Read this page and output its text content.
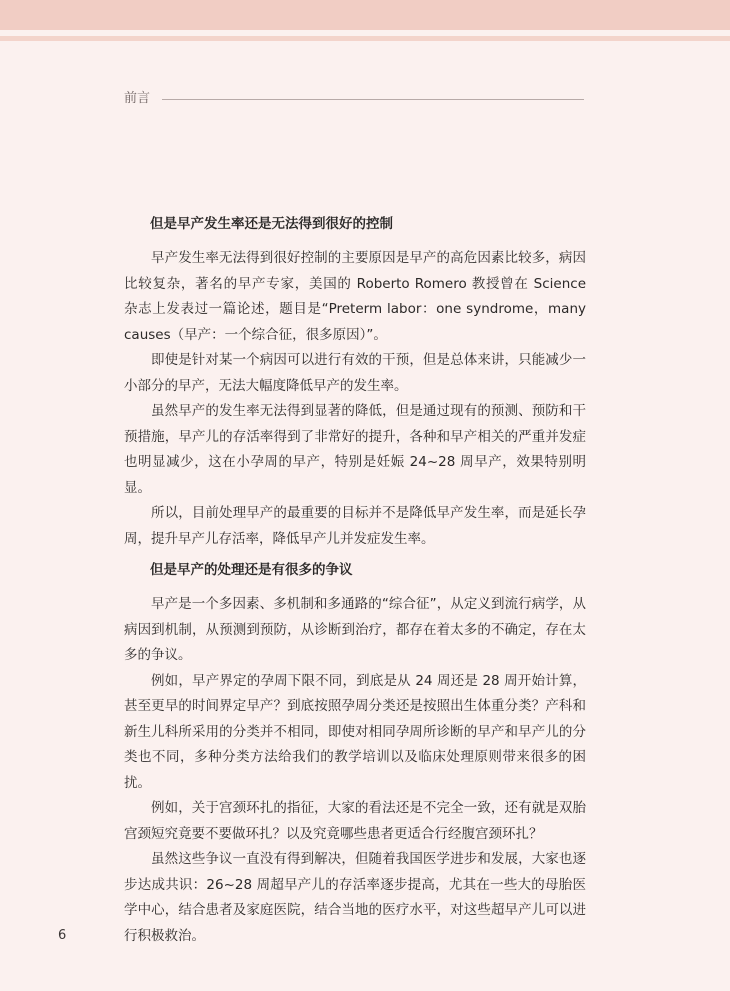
前言
但是早产发生率还是无法得到很好的控制

早产发生率无法得到很好控制的主要原因是早产的高危因素比较多，病因比较复杂，著名的早产专家，美国的 Roberto Romero 教授曾在 Science 杂志上发表过一篇论述，题目是“Preterm labor：one syndrome，many causes（早产：一个综合征，很多原因）”。

即使是针对某一个病因可以进行有效的干预，但是总体来讲，只能减少一小部分的早产，无法大幅度降低早产的发生率。

虽然早产的发生率无法得到显著的降低，但是通过现有的预测、预防和干预措施，早产儿的存活率得到了非常好的提升，各种和早产相关的严重并发症也明显减少，这在小孕周的早产，特别是妊娠 24~28 周早产，效果特别明显。

所以，目前处理早产的最重要的目标并不是降低早产发生率，而是延长孕周，提升早产儿存活率，降低早产儿并发症发生率。

但是早产的处理还是有很多的争议

早产是一个多因素、多机制和多通路的“综合征”，从定义到流行病学，从病因到机制，从预测到预防，从诊断到治疗，都存在着太多的不确定，存在太多的争议。

例如，早产界定的孕周下限不同，到底是从 24 周还是 28 周开始计算，甚至更早的时间界定早产？到底按照孕周分类还是按照出生体重分类？产科和新生儿科所采用的分类并不相同，即使对相同孕周所诊断的早产和早产儿的分类也不同，多种分类方法给我们的教学培训以及临床处理原则带来很多的困扰。

例如，关于宫颈环扎的指征，大家的看法还是不完全一致，还有就是双胎宫颈短究竟要不要做环扎？以及究竟哪些患者更适合行经腹宫颈环扎？

虽然这些争议一直没有得到解决，但随着我国医学进步和发展，大家也逐步达成共识：26~28 周超早产儿的存活率逐步提高，尤其在一些大的母胎医学中心，结合患者及家庭医院，结合当地的医疗水平，对这些超早产儿可以进行积极救治。

6
